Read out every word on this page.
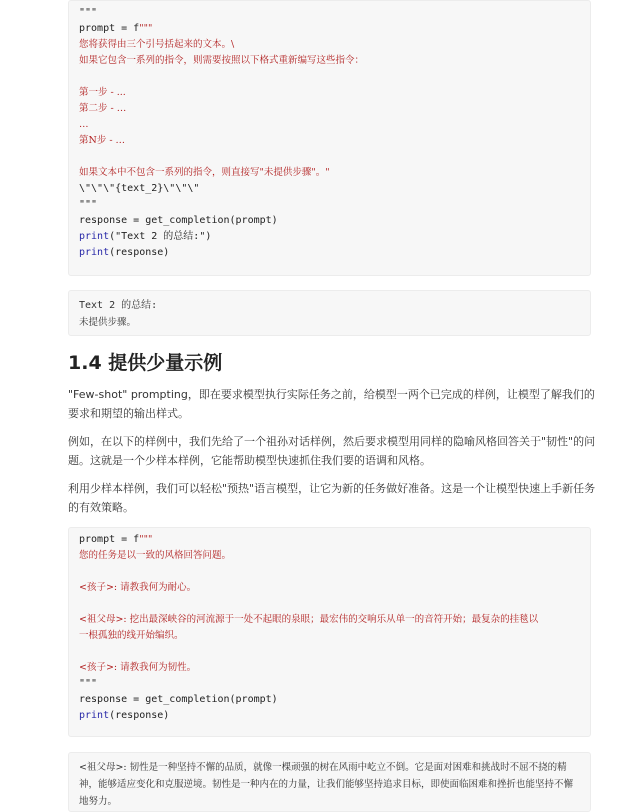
"""
prompt = f"""
您将获得由三个引号括起来的文本。\
如果它包含一系列的指令，则需要按照以下格式重新编写这些指令：
第一步 - ...
第二步 - …
…
第N步 - …
如果文本中不包含一系列的指令，则直接写"未提供步骤"。"
\"\"\"{text_2}\"\"\"
"""
response = get_completion(prompt)
print("Text 2 的总结:")
print(response)
Text 2 的总结:
未提供步骤。
1.4 提供少量示例

"Few-shot" prompting，即在要求模型执行实际任务之前，给模型一两个已完成的样例，让模型了解我们的要求和期望的输出样式。

例如，在以下的样例中，我们先给了一个祖孙对话样例，然后要求模型用同样的隐喻风格回答关于"韧性"的问题。这就是一个少样本样例，它能帮助模型快速抓住我们要的语调和风格。

利用少样本样例，我们可以轻松"预热"语言模型，让它为新的任务做好准备。这是一个让模型快速上手新任务的有效策略。

prompt = f"""
您的任务是以一致的风格回答问题。
<孩子>: 请教我何为耐心。
<祖父母>: 挖出最深峡谷的河流源于一处不起眼的泉眼；最宏伟的交响乐从单一的音符开始；最复杂的挂毯以
一根孤独的线开始编织。
<孩子>: 请教我何为韧性。
"""
response = get_completion(prompt)
print(response)
<祖父母>: 韧性是一种坚持不懈的品质，就像一棵顽强的树在风雨中屹立不倒。它是面对困难和挑战时不屈不挠的精神，能够适应变化和克服逆境。韧性是一种内在的力量，让我们能够坚持追求目标，即使面临困难和挫折也能坚持不懈地努力。
